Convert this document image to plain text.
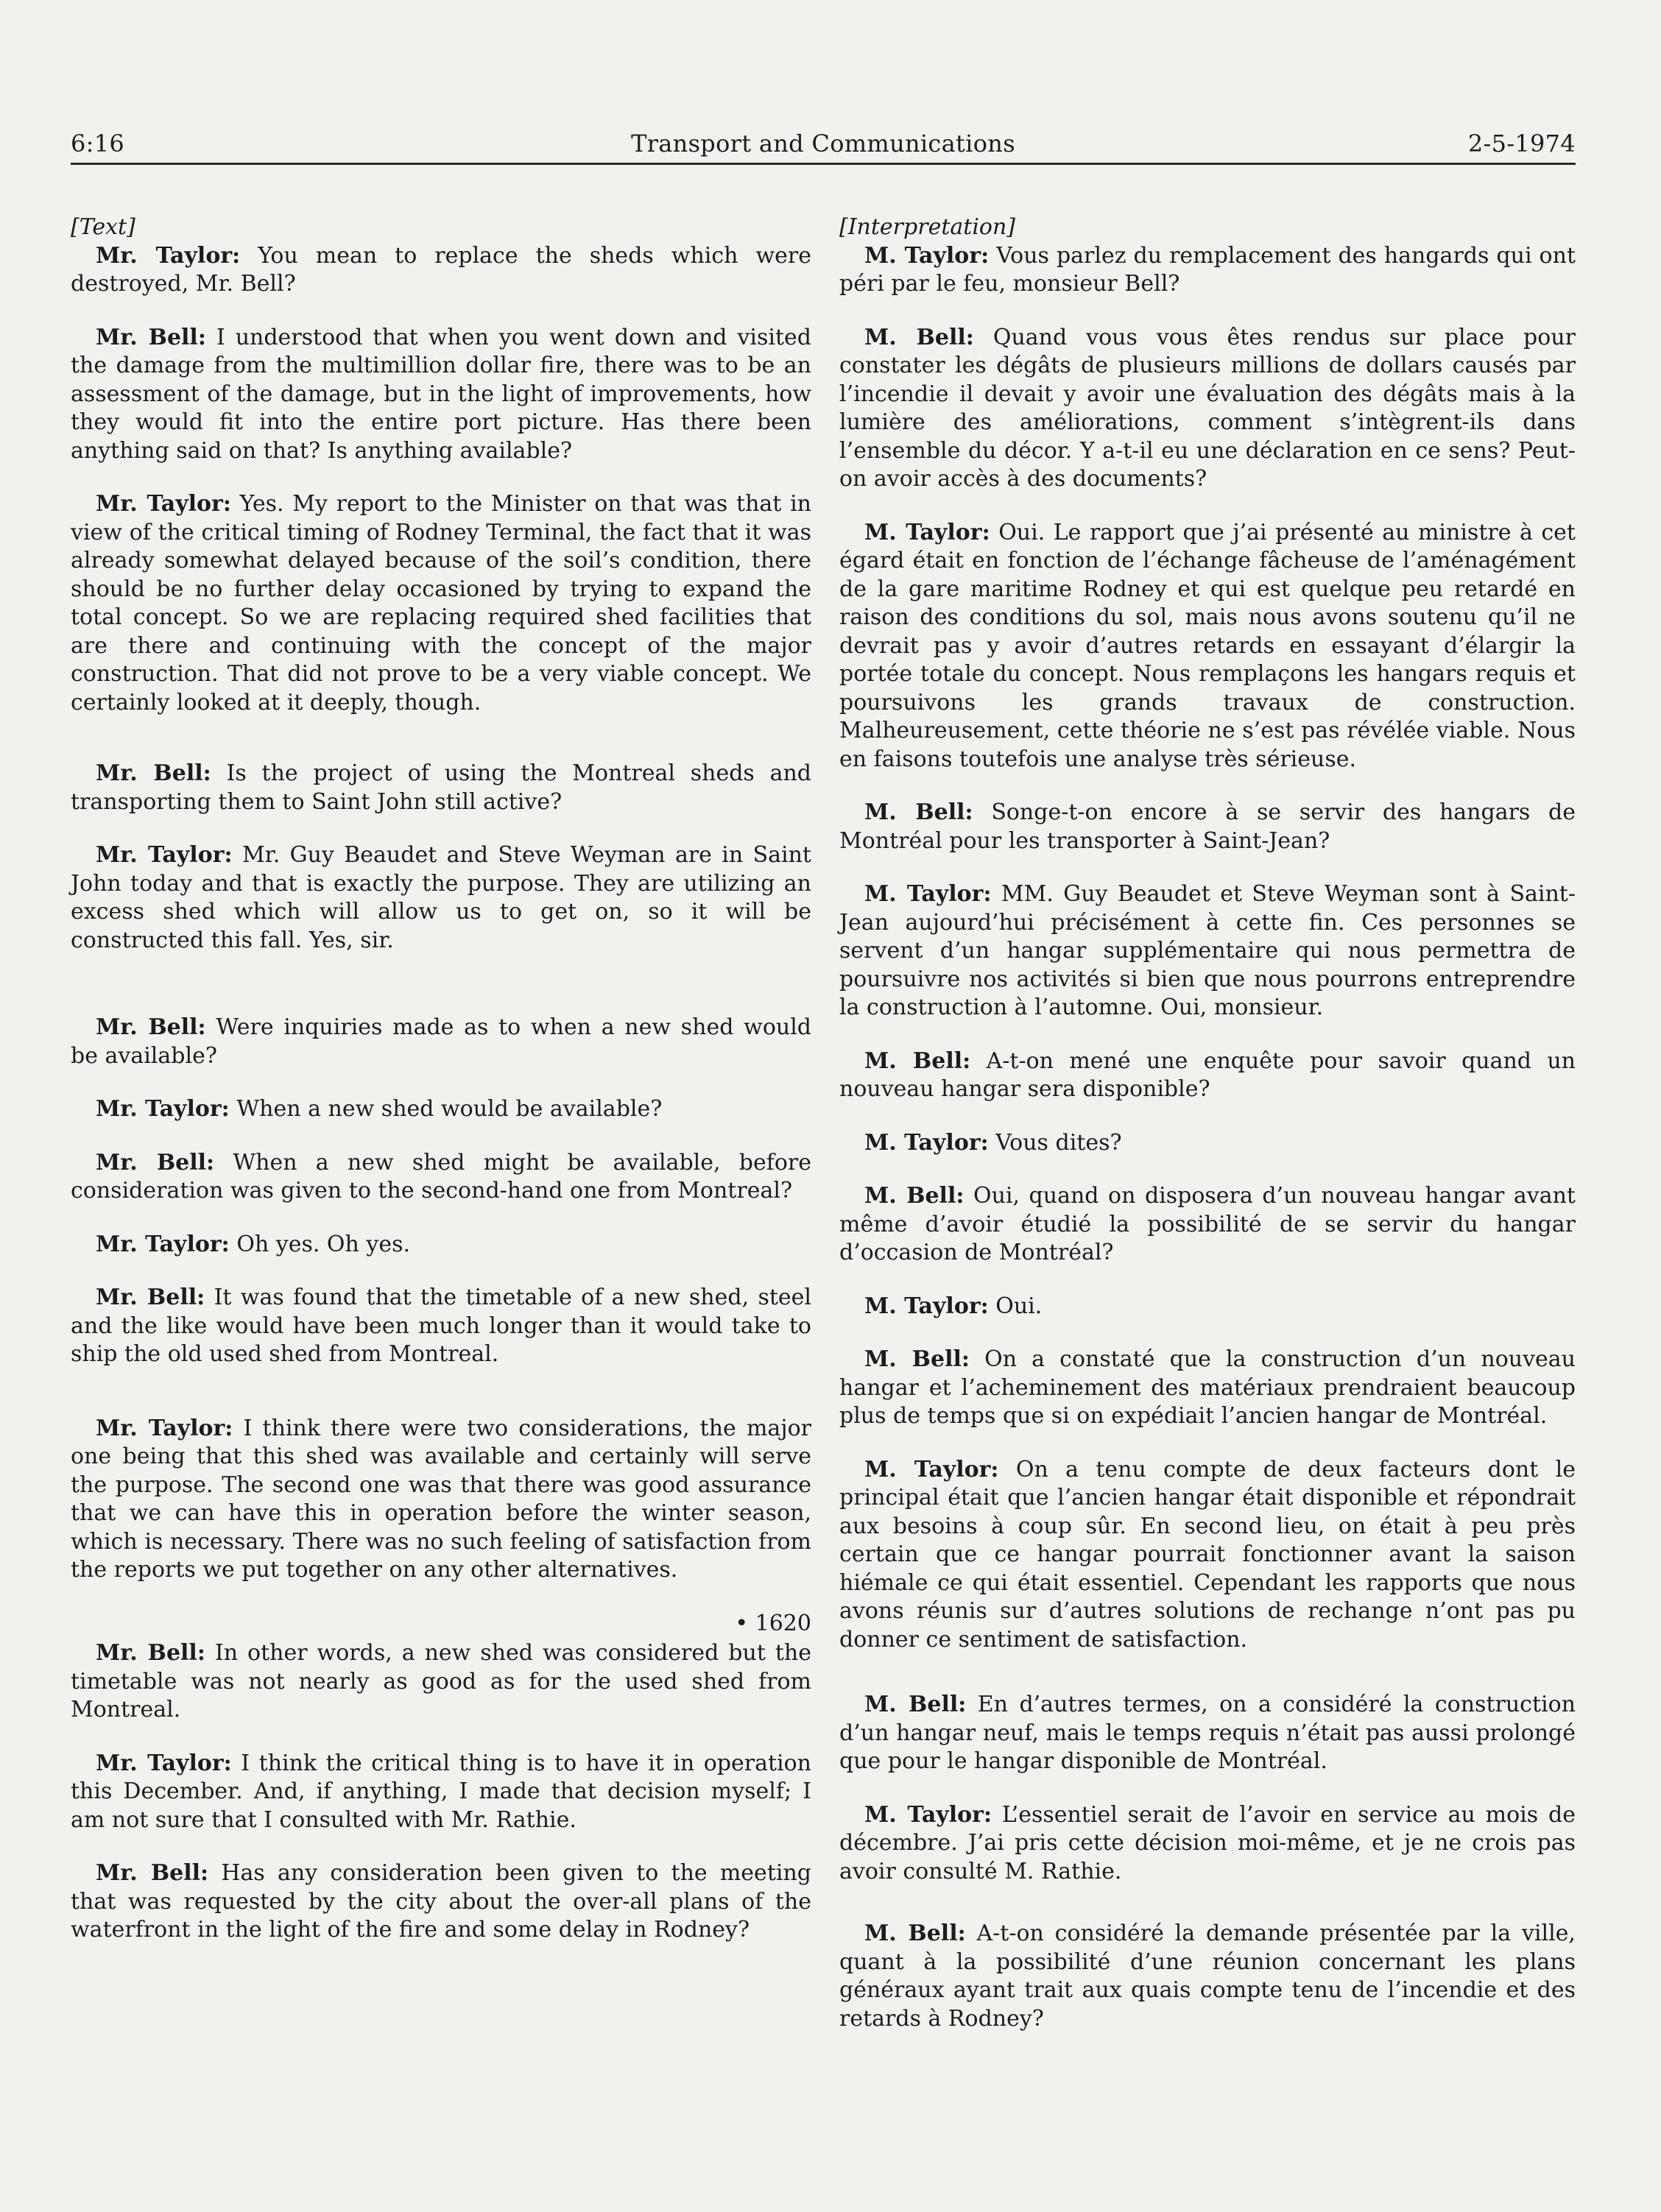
6:16	Transport and Communications	2-5-1974

[Text]

Mr. Taylor: You mean to replace the sheds which were destroyed, Mr. Bell?

Mr. Bell: I understood that when you went down and visited the damage from the multimillion dollar fire, there was to be an assessment of the damage, but in the light of improvements, how they would fit into the entire port picture. Has there been anything said on that? Is anything available?

Mr. Taylor: Yes. My report to the Minister on that was that in view of the critical timing of Rodney Terminal, the fact that it was already somewhat delayed because of the soil’s condition, there should be no further delay occasioned by trying to expand the total concept. So we are replacing required shed facilities that are there and continuing with the concept of the major construction. That did not prove to be a very viable concept. We certainly looked at it deeply, though.

Mr. Bell: Is the project of using the Montreal sheds and transporting them to Saint John still active?

Mr. Taylor: Mr. Guy Beaudet and Steve Weyman are in Saint John today and that is exactly the purpose. They are utilizing an excess shed which will allow us to get on, so it will be constructed this fall. Yes, sir.

Mr. Bell: Were inquiries made as to when a new shed would be available?

Mr. Taylor: When a new shed would be available?

Mr. Bell: When a new shed might be available, before consideration was given to the second-hand one from Montreal?

Mr. Taylor: Oh yes. Oh yes.

Mr. Bell: It was found that the timetable of a new shed, steel and the like would have been much longer than it would take to ship the old used shed from Montreal.

Mr. Taylor: I think there were two considerations, the major one being that this shed was available and certainly will serve the purpose. The second one was that there was good assurance that we can have this in operation before the winter season, which is necessary. There was no such feeling of satisfaction from the reports we put together on any other alternatives.

• 1620

Mr. Bell: In other words, a new shed was considered but the timetable was not nearly as good as for the used shed from Montreal.

Mr. Taylor: I think the critical thing is to have it in operation this December. And, if anything, I made that decision myself; I am not sure that I consulted with Mr. Rathie.

Mr. Bell: Has any consideration been given to the meeting that was requested by the city about the over-all plans of the waterfront in the light of the fire and some delay in Rodney?

[Interpretation]

M. Taylor: Vous parlez du remplacement des hangards qui ont péri par le feu, monsieur Bell?

M. Bell: Quand vous vous êtes rendus sur place pour constater les dégâts de plusieurs millions de dollars causés par l’incendie il devait y avoir une évaluation des dégâts mais à la lumière des améliorations, comment s’intègrent-ils dans l’ensemble du décor. Y a-t-il eu une déclaration en ce sens? Peut-on avoir accès à des documents?

M. Taylor: Oui. Le rapport que j’ai présenté au ministre à cet égard était en fonction de l’échange fâcheuse de l’aménagément de la gare maritime Rodney et qui est quelque peu retardé en raison des conditions du sol, mais nous avons soutenu qu’il ne devrait pas y avoir d’autres retards en essayant d’élargir la portée totale du concept. Nous remplaçons les hangars requis et poursuivons les grands travaux de construction. Malheureusement, cette théorie ne s’est pas révélée viable. Nous en faisons toutefois une analyse très sérieuse.

M. Bell: Songe-t-on encore à se servir des hangars de Montréal pour les transporter à Saint-Jean?

M. Taylor: MM. Guy Beaudet et Steve Weyman sont à Saint-Jean aujourd’hui précisément à cette fin. Ces personnes se servent d’un hangar supplémentaire qui nous permettra de poursuivre nos activités si bien que nous pourrons entreprendre la construction à l’automne. Oui, monsieur.

M. Bell: A-t-on mené une enquête pour savoir quand un nouveau hangar sera disponible?

M. Taylor: Vous dites?

M. Bell: Oui, quand on disposera d’un nouveau hangar avant même d’avoir étudié la possibilité de se servir du hangar d’occasion de Montréal?

M. Taylor: Oui.

M. Bell: On a constaté que la construction d’un nouveau hangar et l’acheminement des matériaux prendraient beaucoup plus de temps que si on expédiait l’ancien hangar de Montréal.

M. Taylor: On a tenu compte de deux facteurs dont le principal était que l’ancien hangar était disponible et répondrait aux besoins à coup sûr. En second lieu, on était à peu près certain que ce hangar pourrait fonctionner avant la saison hiémale ce qui était essentiel. Cependant les rapports que nous avons réunis sur d’autres solutions de rechange n’ont pas pu donner ce sentiment de satisfaction.

M. Bell: En d’autres termes, on a considéré la construction d’un hangar neuf, mais le temps requis n’était pas aussi prolongé que pour le hangar disponible de Montréal.

M. Taylor: L’essentiel serait de l’avoir en service au mois de décembre. J’ai pris cette décision moi-même, et je ne crois pas avoir consulté M. Rathie.

M. Bell: A-t-on considéré la demande présentée par la ville, quant à la possibilité d’une réunion concernant les plans généraux ayant trait aux quais compte tenu de l’incendie et des retards à Rodney?
